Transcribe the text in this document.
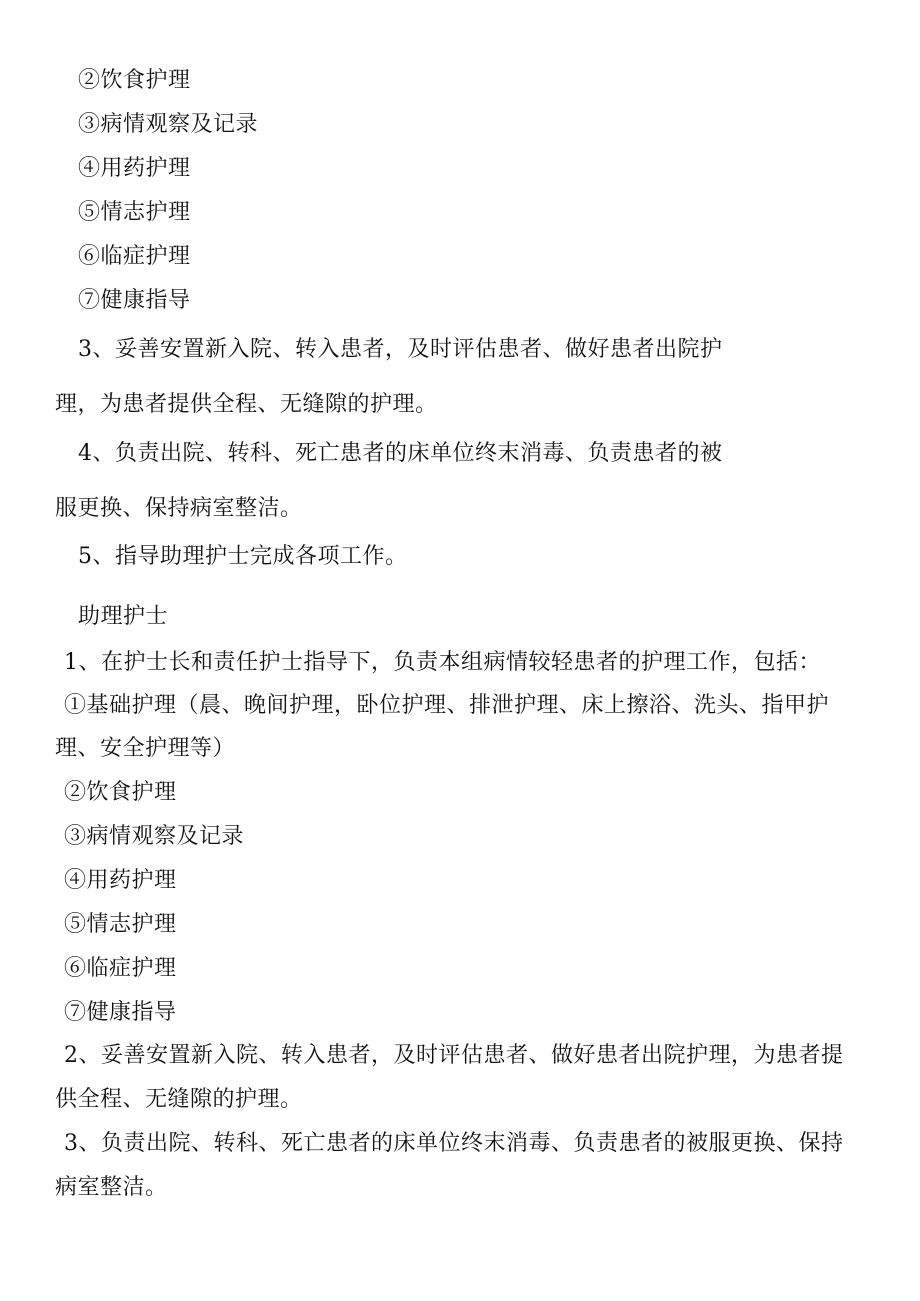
②饮食护理
③病情观察及记录
④用药护理
⑤情志护理
⑥临症护理
⑦健康指导
3、妥善安置新入院、转入患者，及时评估患者、做好患者出院护
理，为患者提供全程、无缝隙的护理。
4、负责出院、转科、死亡患者的床单位终末消毒、负责患者的被
服更换、保持病室整洁。
5、指导助理护士完成各项工作。
助理护士
1、在护士长和责任护士指导下，负责本组病情较轻患者的护理工作，包括：
①基础护理（晨、晚间护理，卧位护理、排泄护理、床上擦浴、洗头、指甲护
理、安全护理等）
②饮食护理
③病情观察及记录
④用药护理
⑤情志护理
⑥临症护理
⑦健康指导
2、妥善安置新入院、转入患者，及时评估患者、做好患者出院护理，为患者提
供全程、无缝隙的护理。
3、负责出院、转科、死亡患者的床单位终末消毒、负责患者的被服更换、保持
病室整洁。
